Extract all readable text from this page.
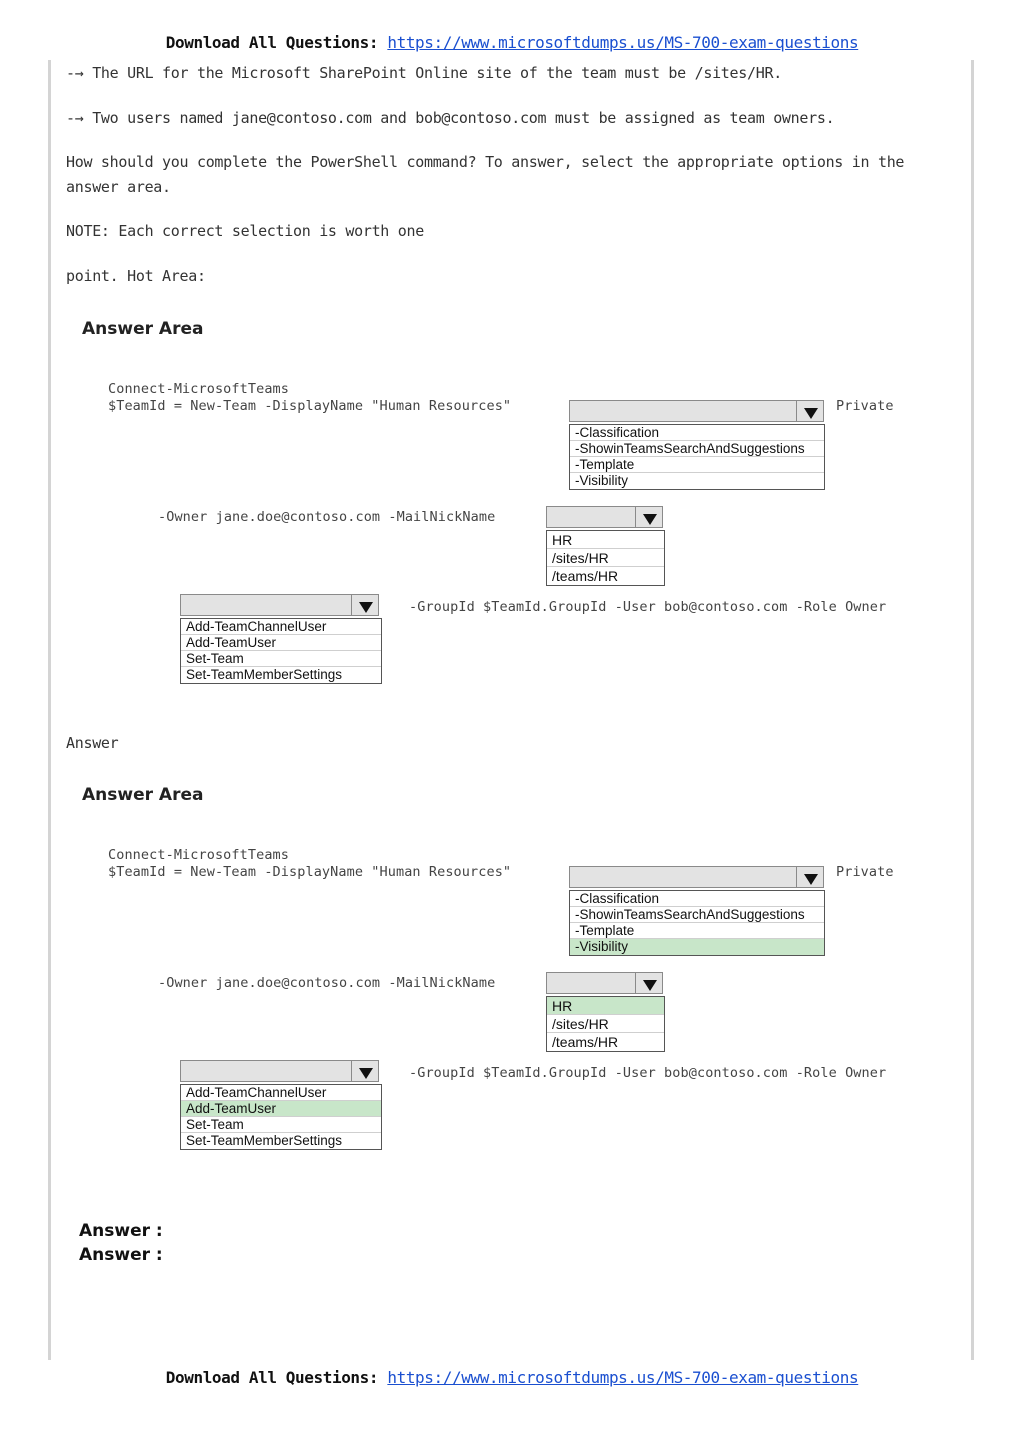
Download All Questions: https://www.microsoftdumps.us/MS-700-exam-questions
‑→ The URL for the Microsoft SharePoint Online site of the team must be /sites/HR.
‑→ Two users named jane@contoso.com and bob@contoso.com must be assigned as team owners.
How should you complete the PowerShell command? To answer, select the appropriate options in the
answer area.
NOTE: Each correct selection is worth one
point. Hot Area:
Answer Area
Connect-MicrosoftTeams
$TeamId = New-Team -DisplayName "Human Resources"	Private
-Classification
-ShowinTeamsSearchAndSuggestions
-Template
-Visibility
-Owner jane.doe@contoso.com -MailNickName
HR
/sites/HR
/teams/HR
Add-TeamChannelUser
Add-TeamUser
Set-Team
Set-TeamMemberSettings
-GroupId $TeamId.GroupId -User bob@contoso.com -Role Owner
Answer
Answer Area
Connect-MicrosoftTeams
$TeamId = New-Team -DisplayName "Human Resources"	Private
-Classification
-ShowinTeamsSearchAndSuggestions
-Template
-Visibility
-Owner jane.doe@contoso.com -MailNickName
HR
/sites/HR
/teams/HR
Add-TeamChannelUser
Add-TeamUser
Set-Team
Set-TeamMemberSettings
-GroupId $TeamId.GroupId -User bob@contoso.com -Role Owner
Answer :
Answer :
Download All Questions: https://www.microsoftdumps.us/MS-700-exam-questions
